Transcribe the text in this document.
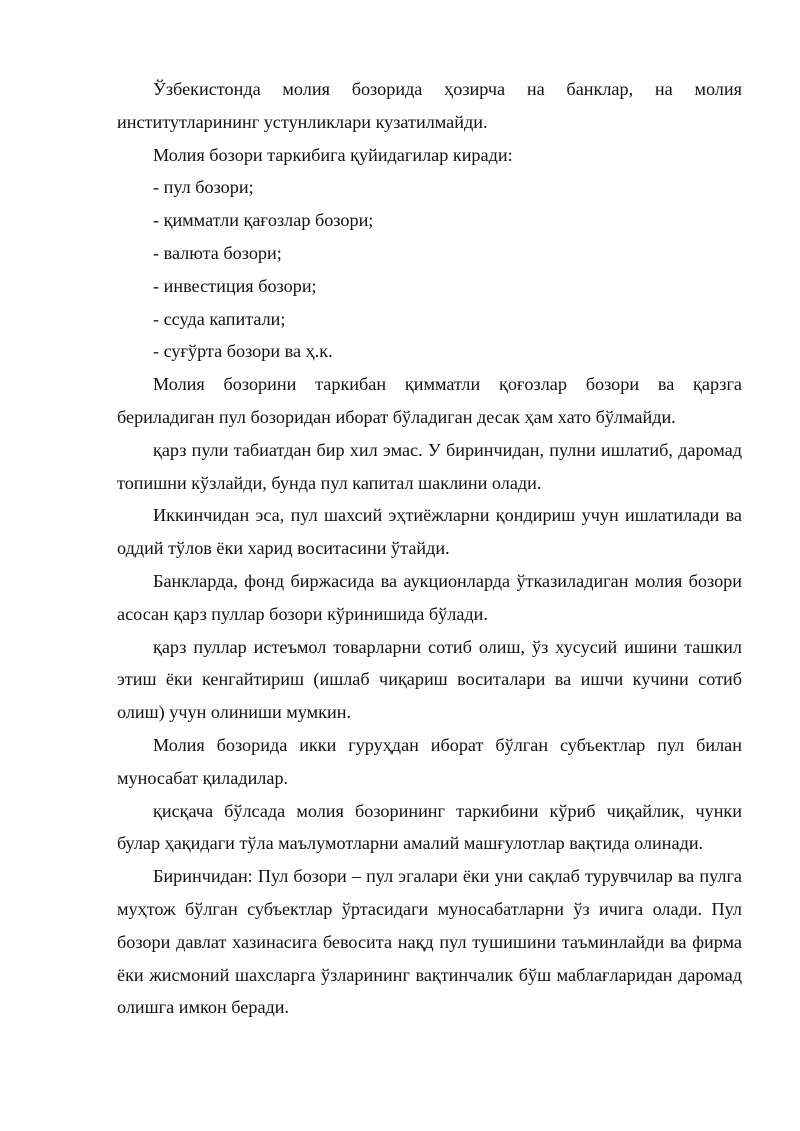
Ўзбекистонда молия бозорида ҳозирча на банклар, на молия институтларининг устунликлари кузатилмайди.

Молия бозори таркибига қуйидагилар киради:

- пул бозори;

- қимматли қағозлар бозори;

- валюта бозори;

- инвестиция бозори;

- ссуда капитали;

- суғўрта бозори ва ҳ.к.

Молия бозорини таркибан қимматли қоғозлар бозори ва қарзга бериладиган пул бозоридан иборат бўладиган десак ҳам хато бўлмайди.

қарз пули табиатдан бир хил эмас. У биринчидан, пулни ишлатиб, даромад топишни кўзлайди, бунда пул капитал шаклини олади.

Иккинчидан эса, пул шахсий эҳтиёжларни қондириш учун ишлатилади ва оддий тўлов ёки харид воситасини ўтайди.

Банкларда, фонд биржасида ва аукционларда ўтказиладиган молия бозори асосан қарз пуллар бозори кўринишида бўлади.

қарз пуллар истеъмол товарларни сотиб олиш, ўз хусусий ишини ташкил этиш ёки кенгайтириш (ишлаб чиқариш воситалари ва ишчи кучини сотиб олиш) учун олиниши мумкин.

Молия бозорида икки гуруҳдан иборат бўлган субъектлар пул билан муносабат қиладилар.

қисқача бўлсада молия бозорининг таркибини кўриб чиқайлик, чунки булар ҳақидаги тўла маълумотларни амалий машғулотлар вақтида олинади.

Биринчидан: Пул бозори – пул эгалари ёки уни сақлаб турувчилар ва пулга муҳтож бўлган субъектлар ўртасидаги муносабатларни ўз ичига олади. Пул бозори давлат хазинасига бевосита нақд пул тушишини таъминлайди ва фирма ёки жисмоний шахсларга ўзларининг вақтинчалик бўш маблағларидан даромад олишга имкон беради.
